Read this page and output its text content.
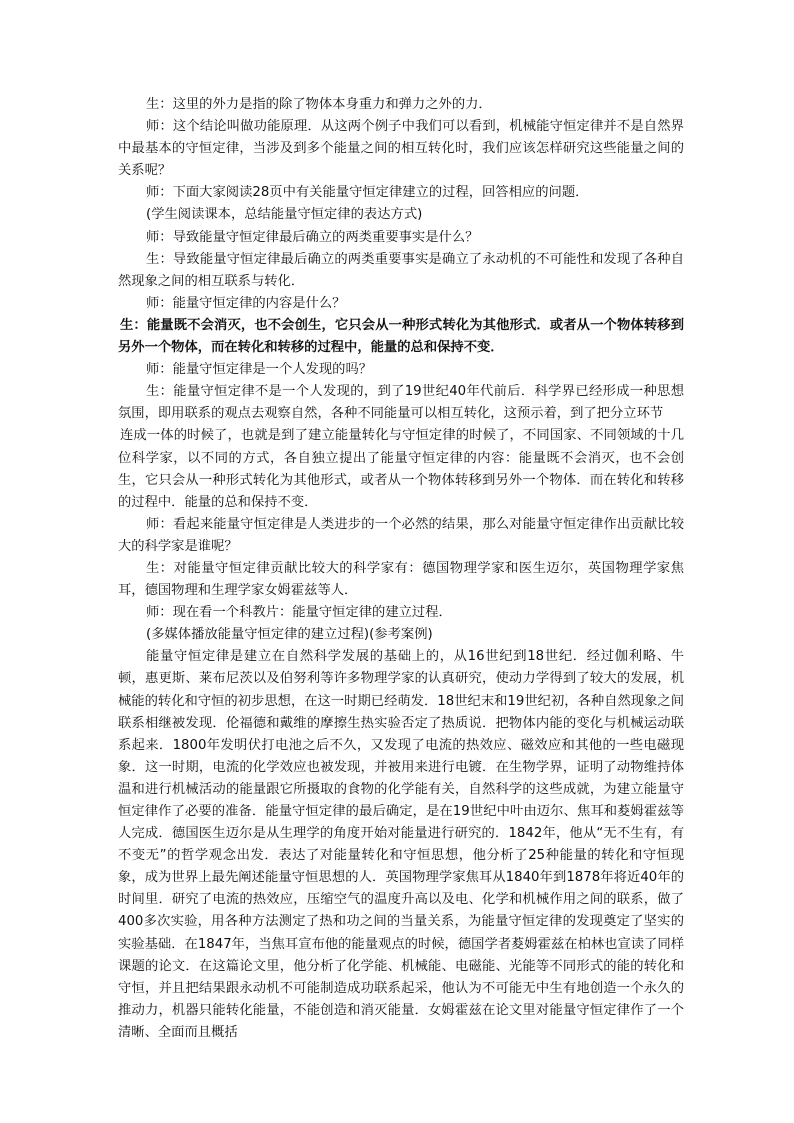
生：这里的外力是指的除了物体本身重力和弹力之外的力．

师：这个结论叫做功能原理．从这两个例子中我们可以看到，机械能守恒定律并不是自然界中最基本的守恒定律，当涉及到多个能量之间的相互转化时，我们应该怎样研究这些能量之间的关系呢？

师：下面大家阅读28页中有关能量守恒定律建立的过程，回答相应的问题．

(学生阅读课本，总结能量守恒定律的表达方式)

师：导致能量守恒定律最后确立的两类重要事实是什么？

生：导致能量守恒定律最后确立的两类重要事实是确立了永动机的不可能性和发现了各种自然现象之间的相互联系与转化．

师：能量守恒定律的内容是什么？

生：能量既不会消灭，也不会创生，它只会从一种形式转化为其他形式．或者从一个物体转移到另外一个物体，而在转化和转移的过程中，能量的总和保持不变．

师：能量守恒定律是一个人发现的吗？

生：能量守恒定律不是一个人发现的，到了19世纪40年代前后．科学界已经形成一种思想氛围，即用联系的观点去观察自然，各种不同能量可以相互转化，这预示着，到了把分立环节

连成一体的时候了，也就是到了建立能量转化与守恒定律的时候了，不同国家、不同领域的十几位科学家，以不同的方式，各自独立提出了能量守恒定律的内容：能量既不会消灭，也不会创生，它只会从一种形式转化为其他形式，或者从一个物体转移到另外一个物体．而在转化和转移的过程中．能量的总和保持不变．

师：看起来能量守恒定律是人类进步的一个必然的结果，那么对能量守恒定律作出贡献比较大的科学家是谁呢？

生：对能量守恒定律贡献比较大的科学家有：德国物理学家和医生迈尔，英国物理学家焦耳，德国物理和生理学家女姆霍兹等人．

师：现在看一个科教片：能量守恒定律的建立过程．

(多媒体播放能量守恒定律的建立过程)(参考案例)

能量守恒定律是建立在自然科学发展的基础上的，从16世纪到18世纪．经过伽利略、牛顿，惠更斯、莱布尼茨以及伯努利等许多物理学家的认真研究，使动力学得到了较大的发展，机械能的转化和守恒的初步思想，在这一时期已经萌发．18世纪末和19世纪初，各种自然现象之间联系相继被发现．伦福德和戴维的摩擦生热实验否定了热质说．把物体内能的变化与机械运动联系起来．1800年发明伏打电池之后不久，又发现了电流的热效应、磁效应和其他的一些电磁现象．这一时期，电流的化学效应也被发现，并被用来进行电镀．在生物学界，证明了动物维持体温和进行机械活动的能量跟它所摄取的食物的化学能有关，自然科学的这些成就，为建立能量守恒定律作了必要的准备．能量守恒定律的最后确定，是在19世纪中叶由迈尔、焦耳和荾姆霍兹等人完成．德国医生迈尔是从生理学的角度开始对能量进行研究的．1842年，他从“无不生有，有不变无”的哲学观念出发．表达了对能量转化和守恒思想，他分析了25种能量的转化和守恒现象，成为世界上最先阐述能量守恒思想的人．英国物理学家焦耳从1840年到1878年将近40年的时间里．研究了电流的热效应，压缩空气的温度升高以及电、化学和机械作用之间的联系，做了400多次实验，用各种方法测定了热和功之间的当量关系，为能量守恒定律的发现奠定了坚实的实验基础．在1847年，当焦耳宣布他的能量观点的时候，德国学者荾姆霍兹在柏林也宣读了同样课题的论文．在这篇论文里，他分析了化学能、机械能、电磁能、光能等不同形式的能的转化和守恒，并且把结果跟永动机不可能制造成功联系起采，他认为不可能无中生有地创造一个永久的推动力，机器只能转化能量，不能创造和消灭能量．女姆霍兹在论文里对能量守恒定律作了一个清晰、全面而且概括
